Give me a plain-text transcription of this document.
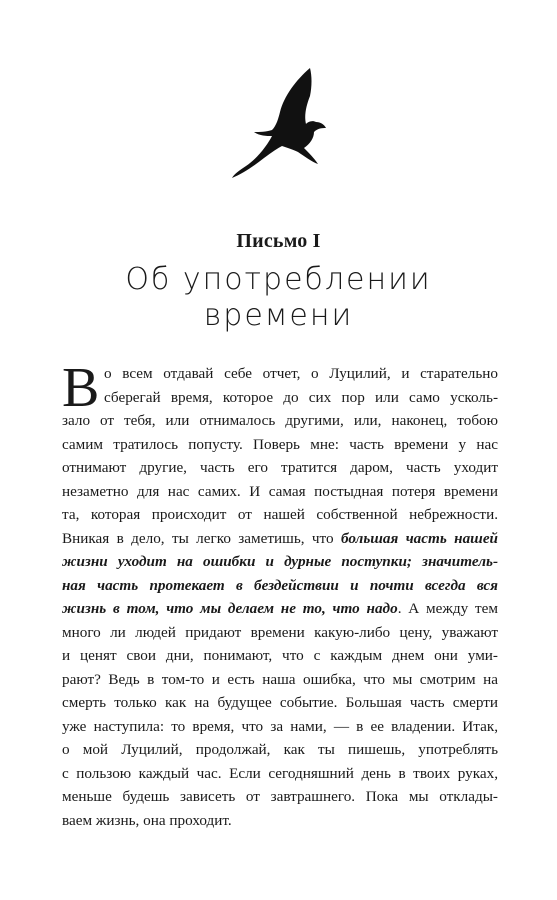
Письмо I
Об употреблении
времени
В о всем отдавай себе отчет, о Луцилий, и старательно
сберегай время, которое до сих пор или само усколь-
зало от тебя, или отнималось другими, или, наконец, тобою
самим тратилось попусту. Поверь мне: часть времени у нас
отнимают другие, часть его тратится даром, часть уходит
незаметно для нас самих. И самая постыдная потеря времени
та, которая происходит от нашей собственной небрежности.
Вникая в дело, ты легко заметишь, что большая часть нашей
жизни уходит на ошибки и дурные поступки; значитель-
ная часть протекает в бездействии и почти всегда вся
жизнь в том, что мы делаем не то, что надо. А между тем
много ли людей придают времени какую-либо цену, уважают
и ценят свои дни, понимают, что с каждым днем они уми-
рают? Ведь в том-то и есть наша ошибка, что мы смотрим на
смерть только как на будущее событие. Большая часть смерти
уже наступила: то время, что за нами, — в ее владении. Итак,
о мой Луцилий, продолжай, как ты пишешь, употреблять
с пользою каждый час. Если сегодняшний день в твоих руках,
меньше будешь зависеть от завтрашнего. Пока мы отклады-
ваем жизнь, она проходит.
